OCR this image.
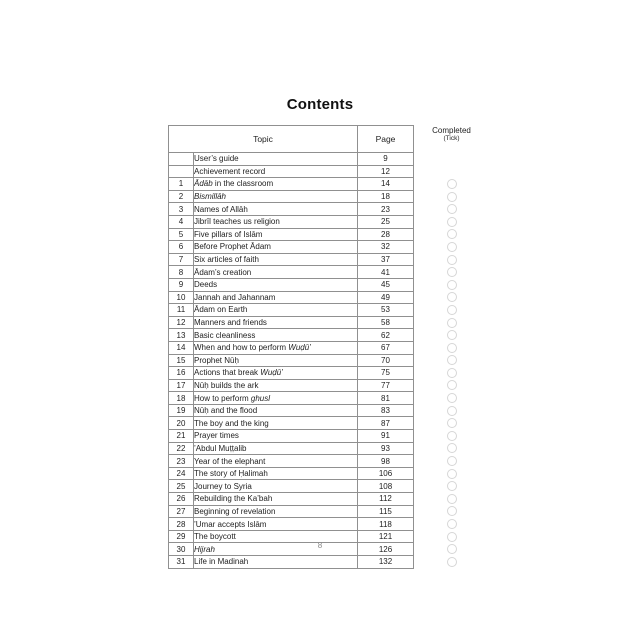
Contents
Topic		Page	Completed
(Tick)

	User’s guide	9	
	Achievement record	12	
1	Ādāb in the classroom	14	

2	Bismillāh	18	

3	Names of Allāh	23	

4	Jibrīl teaches us religion	25	

5	Five pillars of Islām	28	

6	Before Prophet Ādam	32	

7	Six articles of faith	37	

8	Ādam’s creation	41	

9	Deeds	45	

10	Jannah and Jahannam	49	

11	Ādam on Earth	53	

12	Manners and friends	58	

13	Basic cleanliness	62	

14	When and how to perform Wuḍū’	67	

15	Prophet Nūḥ	70	

16	Actions that break Wuḍū’	75	

17	Nūḥ builds the ark	77	

18	How to perform ghusl	81	

19	Nūḥ and the flood	83	

20	The boy and the king	87	

21	Prayer times	91	

22	’Abdul Muṭṭalib	93	

23	Year of the elephant	98	

24	The story of Ḥalimah	106	

25	Journey to Syria	108	

26	Rebuilding the Ka’bah	112	

27	Beginning of revelation	115	

28	’Umar accepts Islām	118	

29	The boycott	121	

30	Hijrah	126	

31	Life in Madinah	132	
8
